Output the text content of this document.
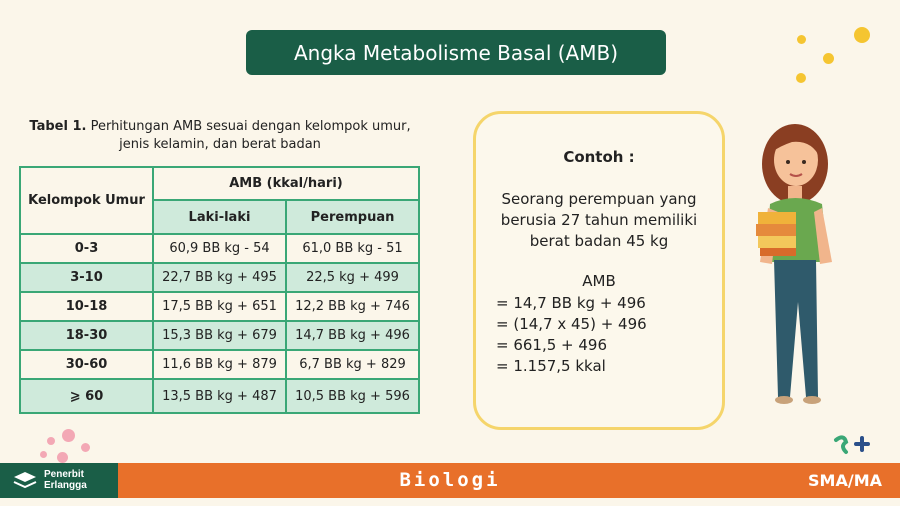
Angka Metabolisme Basal (AMB)
Tabel 1. Perhitungan AMB sesuai dengan kelompok umur, jenis kelamin, dan berat badan
Kelompok Umur	AMB (kkal/hari)	
	Laki-laki	Perempuan
0-3	60,9 BB kg - 54	61,0 BB kg - 51
3-10	22,7 BB kg + 495	22,5 kg + 499
10-18	17,5 BB kg + 651	12,2 BB kg + 746
18-30	15,3 BB kg + 679	14,7 BB kg + 496
30-60	11,6 BB kg + 879	6,7 BB kg + 829
⩾ 60	13,5 BB kg + 487	10,5 BB kg + 596
Contoh :
Seorang perempuan yang
berusia 27 tahun memiliki
berat badan 45 kg
AMB
= 14,7 BB kg + 496
= (14,7 x 45) + 496
= 661,5 + 496
= 1.157,5 kkal
Penerbit
Erlangga	Biologi	SMA/MA
